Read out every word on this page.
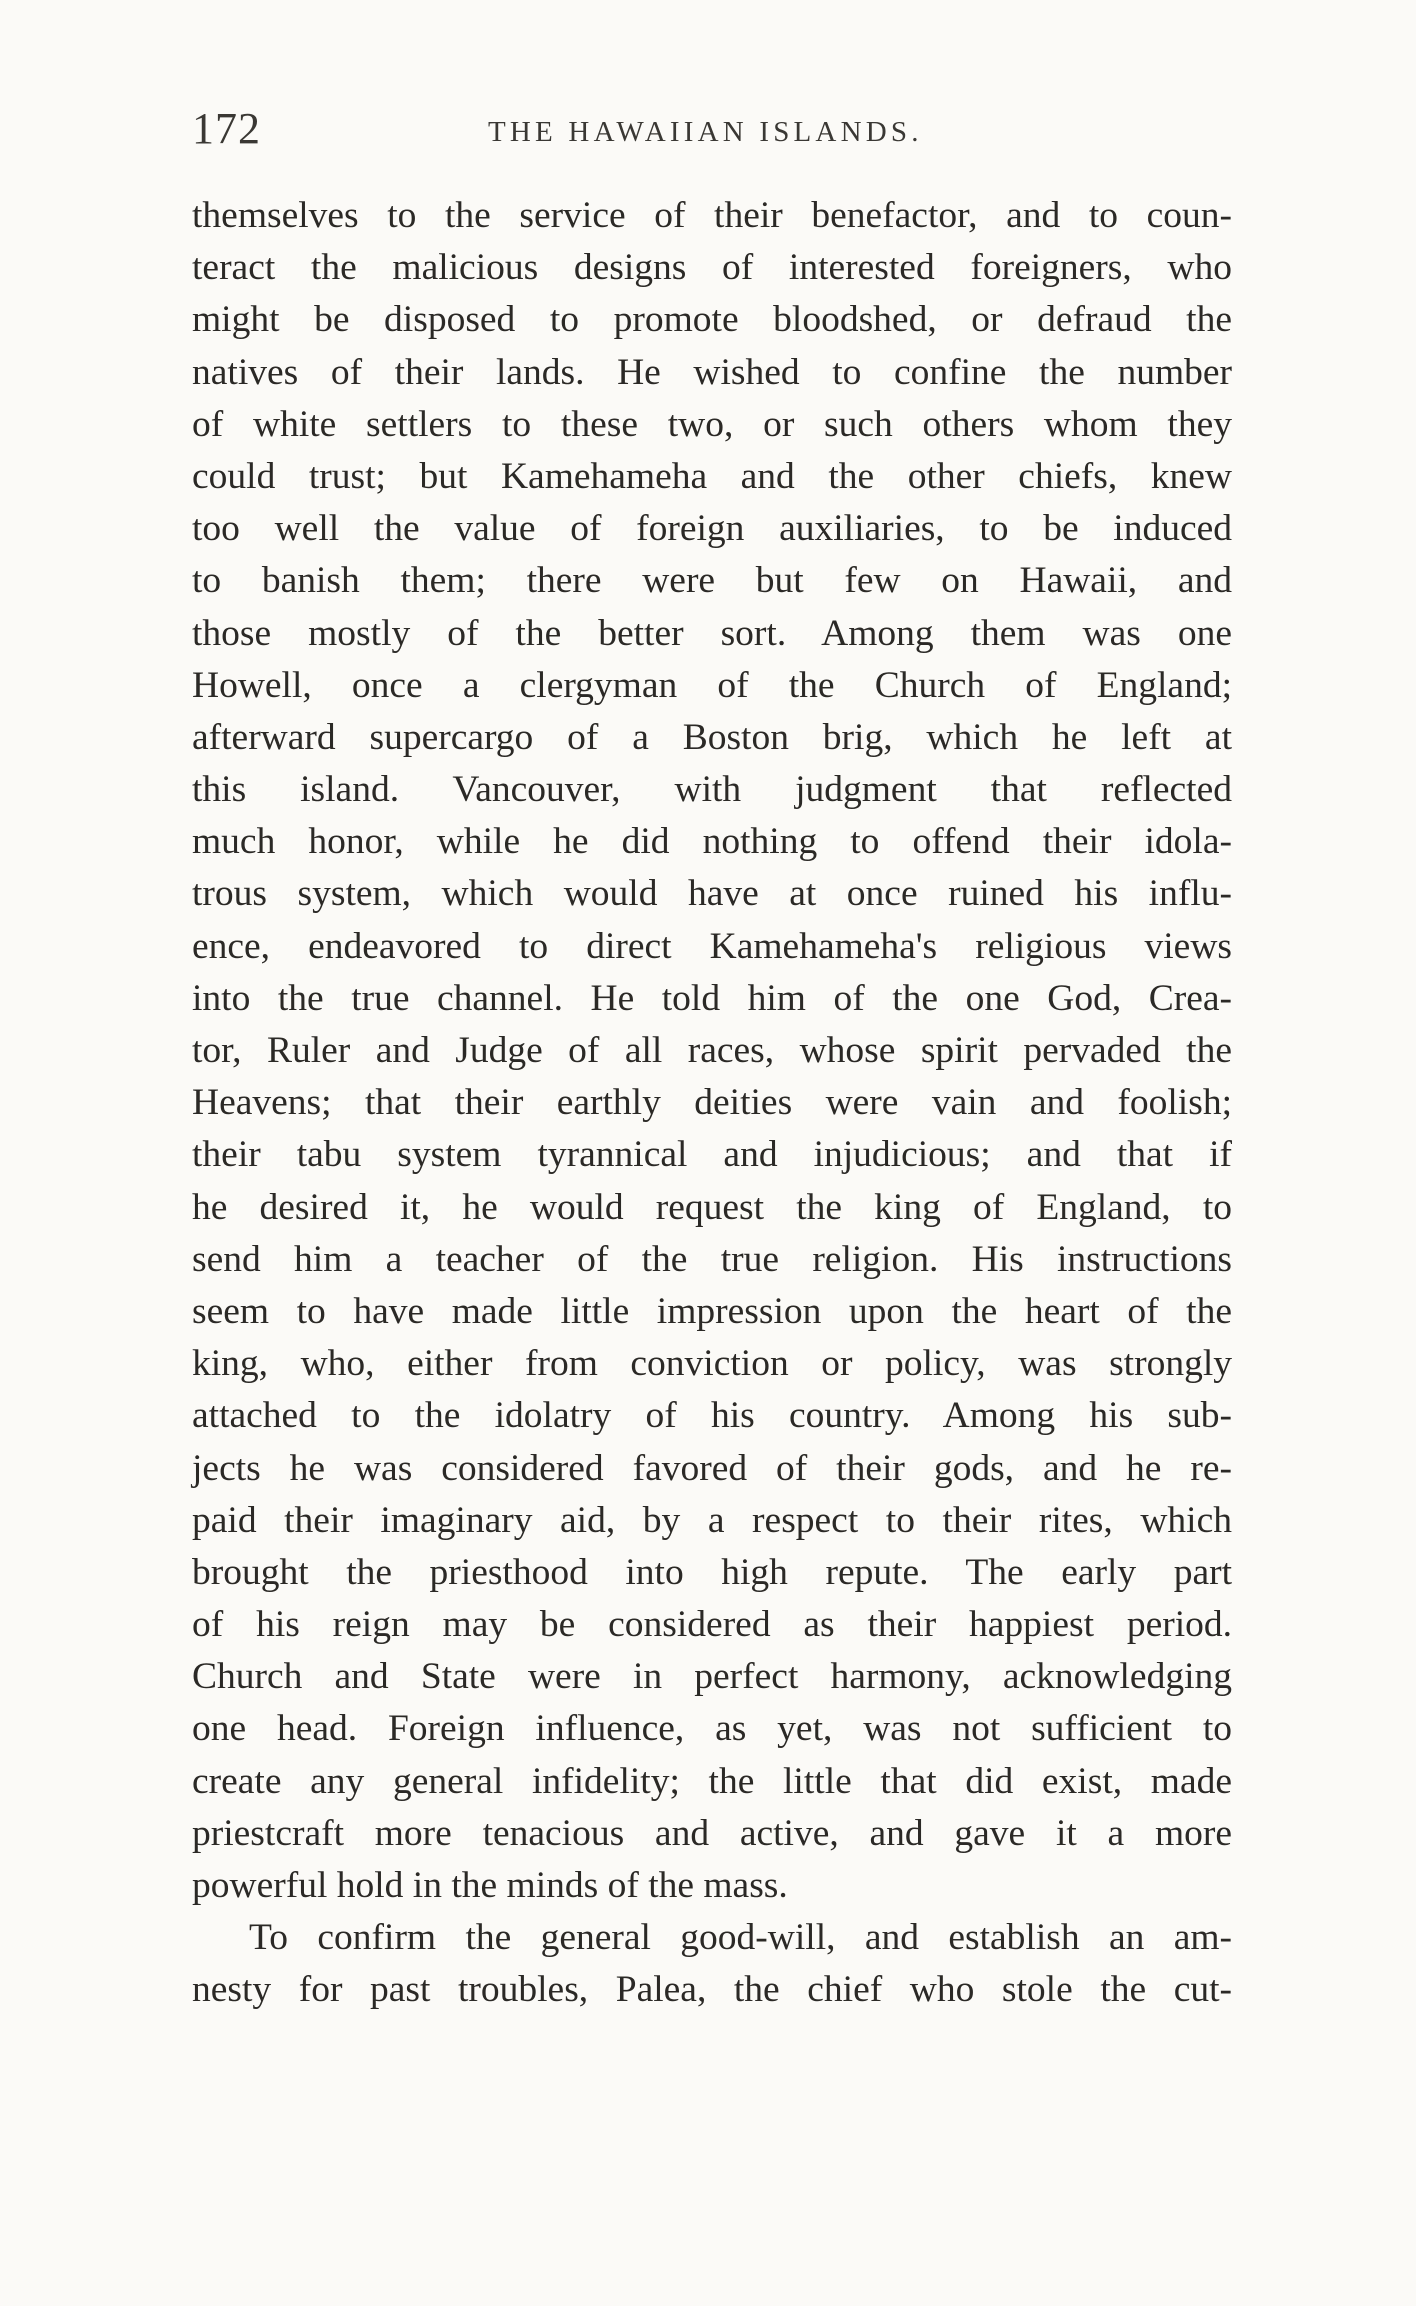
172	THE HAWAIIAN ISLANDS.
themselves to the service of their benefactor, and to coun-
teract the malicious designs of interested foreigners, who
might be disposed to promote bloodshed, or defraud the
natives of their lands. He wished to confine the number
of white settlers to these two, or such others whom they
could trust; but Kamehameha and the other chiefs, knew
too well the value of foreign auxiliaries, to be induced
to banish them; there were but few on Hawaii, and
those mostly of the better sort. Among them was one
Howell, once a clergyman of the Church of England;
afterward supercargo of a Boston brig, which he left at
this island. Vancouver, with judgment that reflected
much honor, while he did nothing to offend their idola-
trous system, which would have at once ruined his influ-
ence, endeavored to direct Kamehameha's religious views
into the true channel. He told him of the one God, Crea-
tor, Ruler and Judge of all races, whose spirit pervaded the
Heavens; that their earthly deities were vain and foolish;
their tabu system tyrannical and injudicious; and that if
he desired it, he would request the king of England, to
send him a teacher of the true religion. His instructions
seem to have made little impression upon the heart of the
king, who, either from conviction or policy, was strongly
attached to the idolatry of his country. Among his sub-
jects he was considered favored of their gods, and he re-
paid their imaginary aid, by a respect to their rites, which
brought the priesthood into high repute. The early part
of his reign may be considered as their happiest period.
Church and State were in perfect harmony, acknowledging
one head. Foreign influence, as yet, was not sufficient to
create any general infidelity; the little that did exist, made
priestcraft more tenacious and active, and gave it a more
powerful hold in the minds of the mass.
To confirm the general good-will, and establish an am-
nesty for past troubles, Palea, the chief who stole the cut-
